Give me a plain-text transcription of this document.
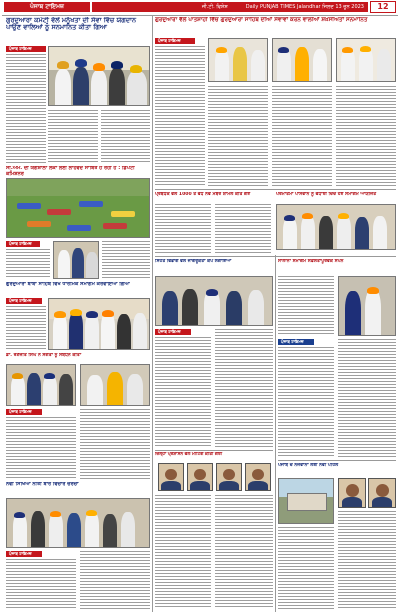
ਪੰਜਾਬ ਟਾਇਮਜ਼	ਜੀ.ਟੀ. ਵਿਸ਼ੇਸ਼	Daily PUNJAB TIMES Jalandhar ਜਿਲਦ 13 ਜੂਨ 2023	12
ਗੁਰਦੁਆਰਾ ਕਮੇਟੀ ਵੱਲੋਂ ਮਨੁੱਖਤਾ ਦੀ ਸੇਵਾ ਵਿੱਚ ਯੋਗਦਾਨ ਪਾਉਣ ਵਾਲਿਆਂ ਨੂੰ ਸਨਮਾਨਿਤ ਕੀਤਾ ਗਿਆ
ਪੰਜਾਬ ਟਾਇਮਜ਼
ਸੀ.ਐਮ. ਦੀ ਯੋਗਸ਼ਾਲਾ ਲੋਕਾਂ ਲਈ ਲਾਹੇਵੰਦ ਸਾਬਿਤ ਹੋ ਰਹੀ ਹੈ : ਡਿਪਟੀ ਕਮਿਸ਼ਨਰ
ਪੰਜਾਬ ਟਾਇਮਜ਼
ਗੁਰਦੁਆਰਾ ਬਾਬਾ ਸਾਹਿਬ ਵਿਖੇ ਧਾਰਮਿਕ ਸਮਾਗਮ ਕਰਵਾਇਆ ਗਿਆ
ਪੰਜਾਬ ਟਾਇਮਜ਼
ਡਾ. ਰਣਜੀਤ ਸਿੰਘ ਨੇ ਸੰਗਤਾਂ ਨੂੰ ਸੰਬੋਧਨ ਕੀਤਾ
ਪੰਜਾਬ ਟਾਇਮਜ਼
ਨਵੀਂ ਸਿੱਖਿਆ ਨੀਤੀ ਬਾਰੇ ਵਿਚਾਰ ਚਰਚਾ
ਪੰਜਾਬ ਟਾਇਮਜ਼
ਗੁਰਦੁਆਰਾ ਵੱਲੋਂ ਪਾਤਸ਼ਾਹੀ ਵਿੱਚ ਗੁਰਦੁਆਰਾ ਸਾਹਿਬ ਦੀਆਂ ਸੇਵਾਵਾਂ ਕਰਨ ਵਾਲੀਆਂ ਸ਼ਖ਼ਸੀਅਤਾਂ ਸਨਮਾਨਿਤ
ਪੰਜਾਬ ਟਾਇਮਜ਼
ਪ੍ਰਬੰਧਕ ਵੱਲੋਂ 1000 ਤੋਂ ਵੱਧ ਨਵੇਂ ਮੈਂਬਰ ਸ਼ਾਮਲ ਕੀਤੇ ਗਏ	ਪਰਮਾਤਮਾ ਪਾਸਵਾਨ ਨੂੰ ਵਧਾਈ ਦਿੰਦੇ ਹੋਏ ਸਮਾਗਮ ਆਯੋਜਿਤ
ਸਿਹਤ ਵਿਭਾਗ ਵੱਲੋਂ ਜਾਗਰੂਕਤਾ ਕੈਂਪ ਲਗਾਇਆ
ਪੰਜਾਬ ਟਾਇਮਜ਼
ਜ਼ਿਲ੍ਹਾ ਪ੍ਰਸ਼ਾਸਨ ਵੱਲੋਂ ਮੀਟਿੰਗ ਕੀਤੀ ਗਈ
ਸਾਲਾਨਾ ਸਮਾਗਮ ਸਫ਼ਲਤਾਪੂਰਵਕ ਸੰਪੰਨ
ਪੰਜਾਬ ਟਾਇਮਜ਼
ਪੰਜਾਬ ਦੇ ਨੌਜਵਾਨਾਂ ਲਈ ਨਵੀਂ ਪਹਿਲ
